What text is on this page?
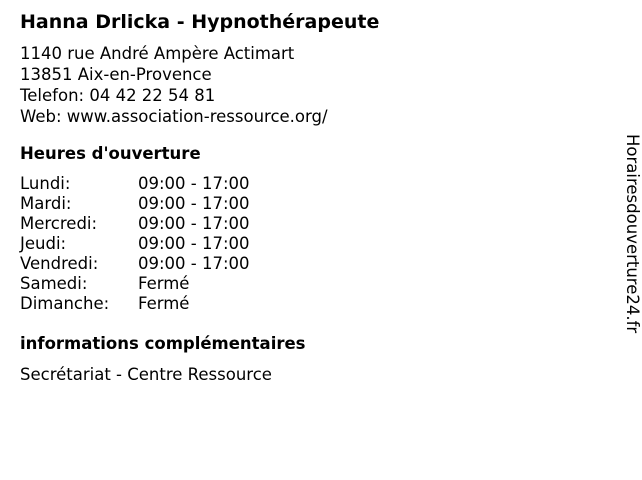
Hanna Drlicka - Hypnothérapeute
1140 rue André Ampère Actimart
13851 Aix-en-Provence
Telefon: 04 42 22 54 81
Web: www.association-ressource.org/
Heures d'ouverture
Lundi:	09:00 - 17:00
Mardi:	09:00 - 17:00
Mercredi: 09:00 - 17:00
Jeudi:	09:00 - 17:00
Vendredi: 09:00 - 17:00
Samedi:	Fermé
Dimanche: Fermé
informations complémentaires
Secrétariat - Centre Ressource
Horairesdouverture24.fr
